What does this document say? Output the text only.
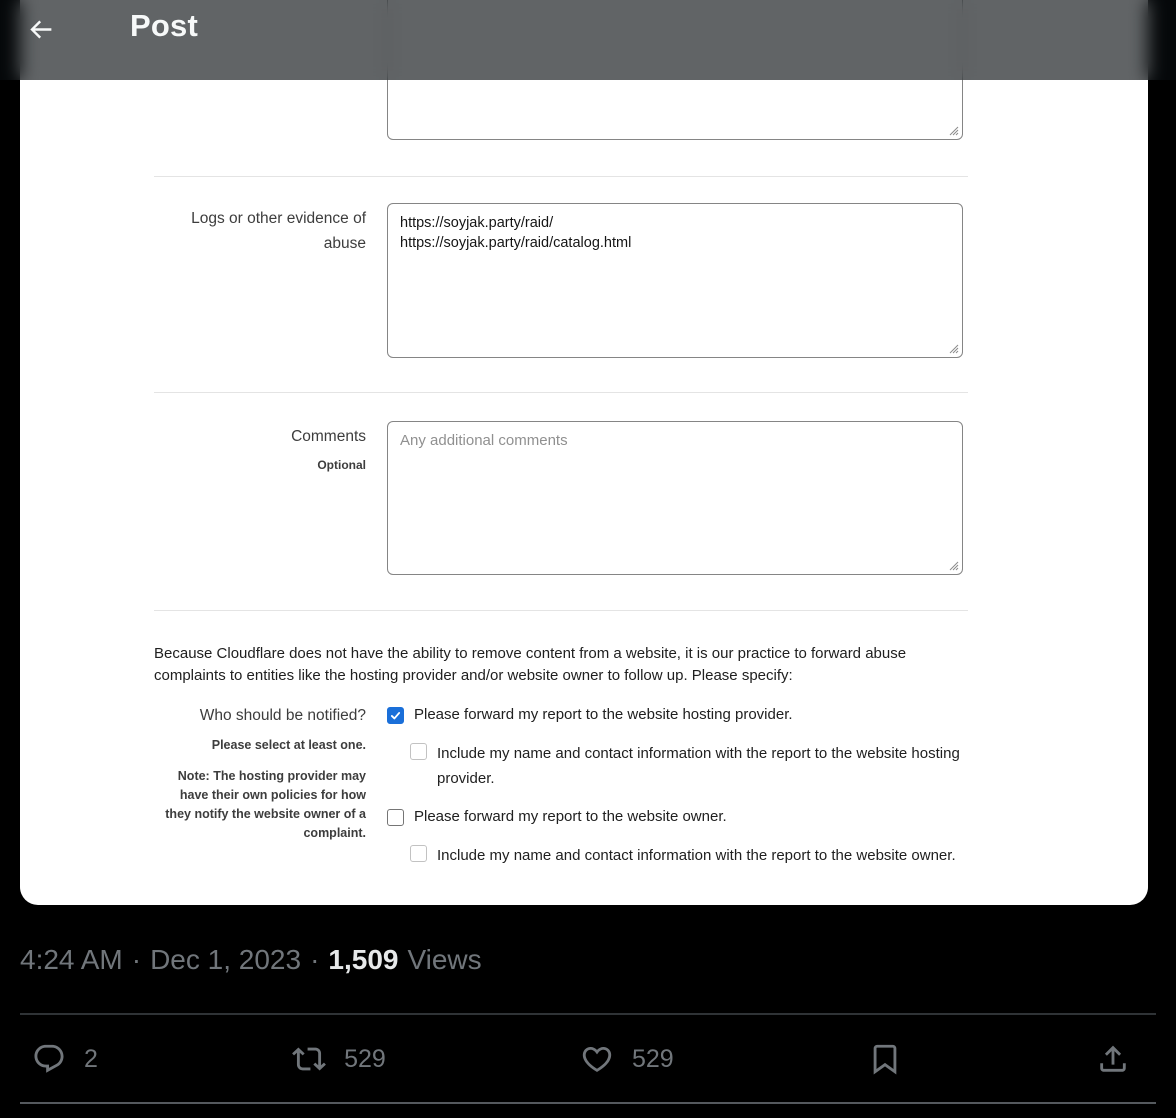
Logs or other evidence of abuse
https://soyjak.party/raid/ https://soyjak.party/raid/catalog.html
Comments
Optional
Any additional comments
Because Cloudflare does not have the ability to remove content from a website, it is our practice to forward abuse complaints to entities like the hosting provider and/or website owner to follow up. Please specify:
Who should be notified?
Please select at least one.
Note: The hosting provider may have their own policies for how they notify the website owner of a complaint.
Please forward my report to the website hosting provider.
Include my name and contact information with the report to the website hosting provider.
Please forward my report to the website owner.
Include my name and contact information with the report to the website owner.
Post
4:24 AM · Dec 1, 2023 · 1,509 Views
2	529	529
